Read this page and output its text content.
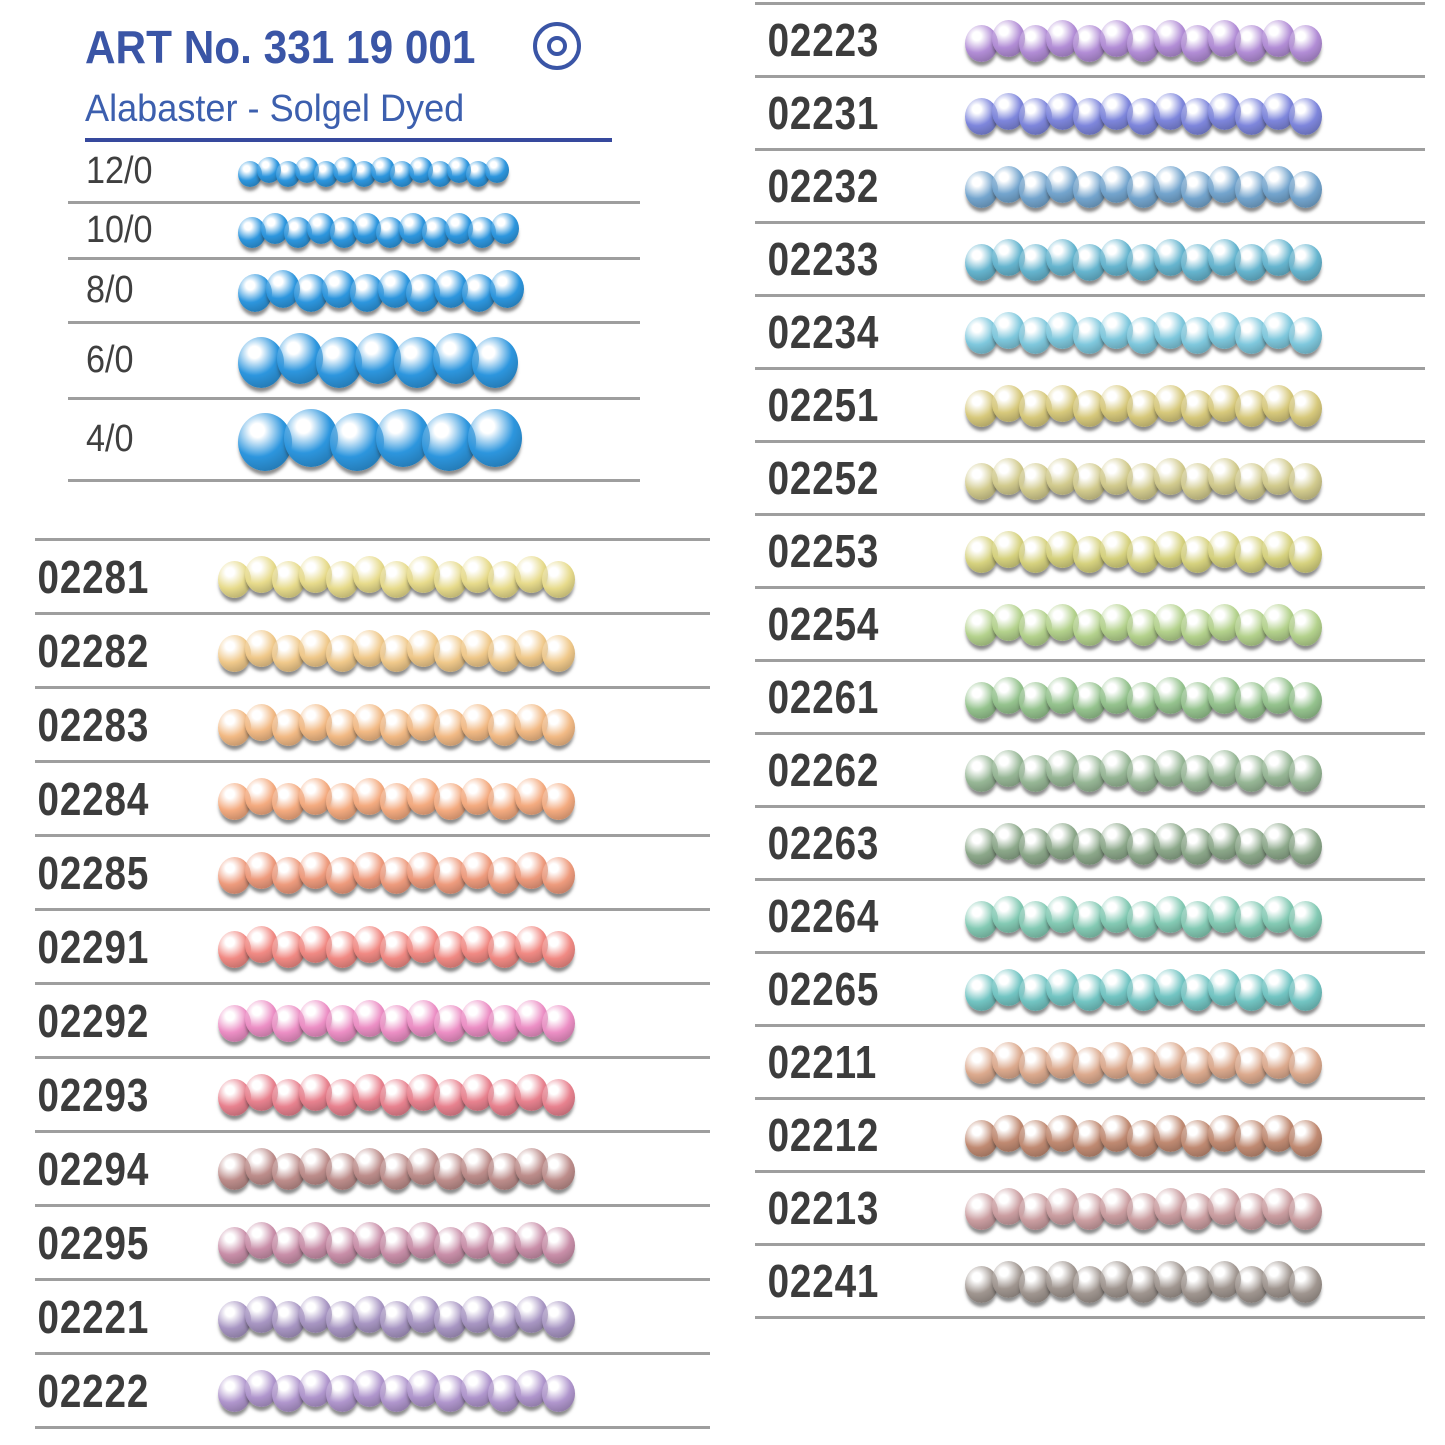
ART No. 331 19 001
Alabaster - Solgel Dyed
12/0
10/0
8/0
6/0
4/0
02281
02282
02283
02284
02285
02291
02292
02293
02294
02295
02221
02222
02223
02231
02232
02233
02234
02251
02252
02253
02254
02261
02262
02263
02264
02265
02211
02212
02213
02241
